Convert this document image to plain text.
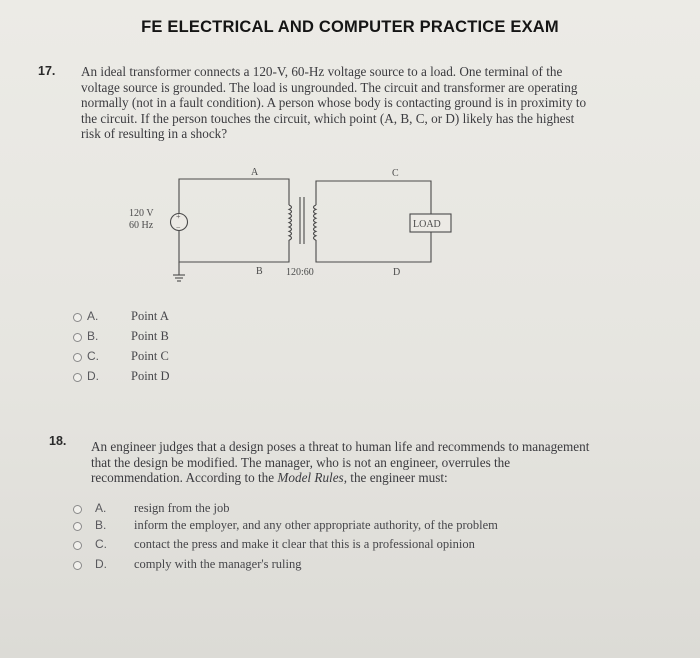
FE ELECTRICAL AND COMPUTER PRACTICE EXAM
17. An ideal transformer connects a 120-V, 60-Hz voltage source to a load. One terminal of the
voltage source is grounded. The load is ungrounded. The circuit and transformer are operating
normally (not in a fault condition). A person whose body is contacting ground is in proximity to
the circuit. If the person touches the circuit, which point (A, B, C, or D) likely has the highest
risk of resulting in a shock?
+
−
120 V
60 Hz
A
B
C
D
120:60
LOAD
A.	Point A
B.	Point B
C.	Point C
D.	Point D
18. An engineer judges that a design poses a threat to human life and recommends to management
that the design be modified. The manager, who is not an engineer, overrules the
recommendation. According to the Model Rules, the engineer must:
A. resign from the job
B. inform the employer, and any other appropriate authority, of the problem
C. contact the press and make it clear that this is a professional opinion
D. comply with the manager's ruling
